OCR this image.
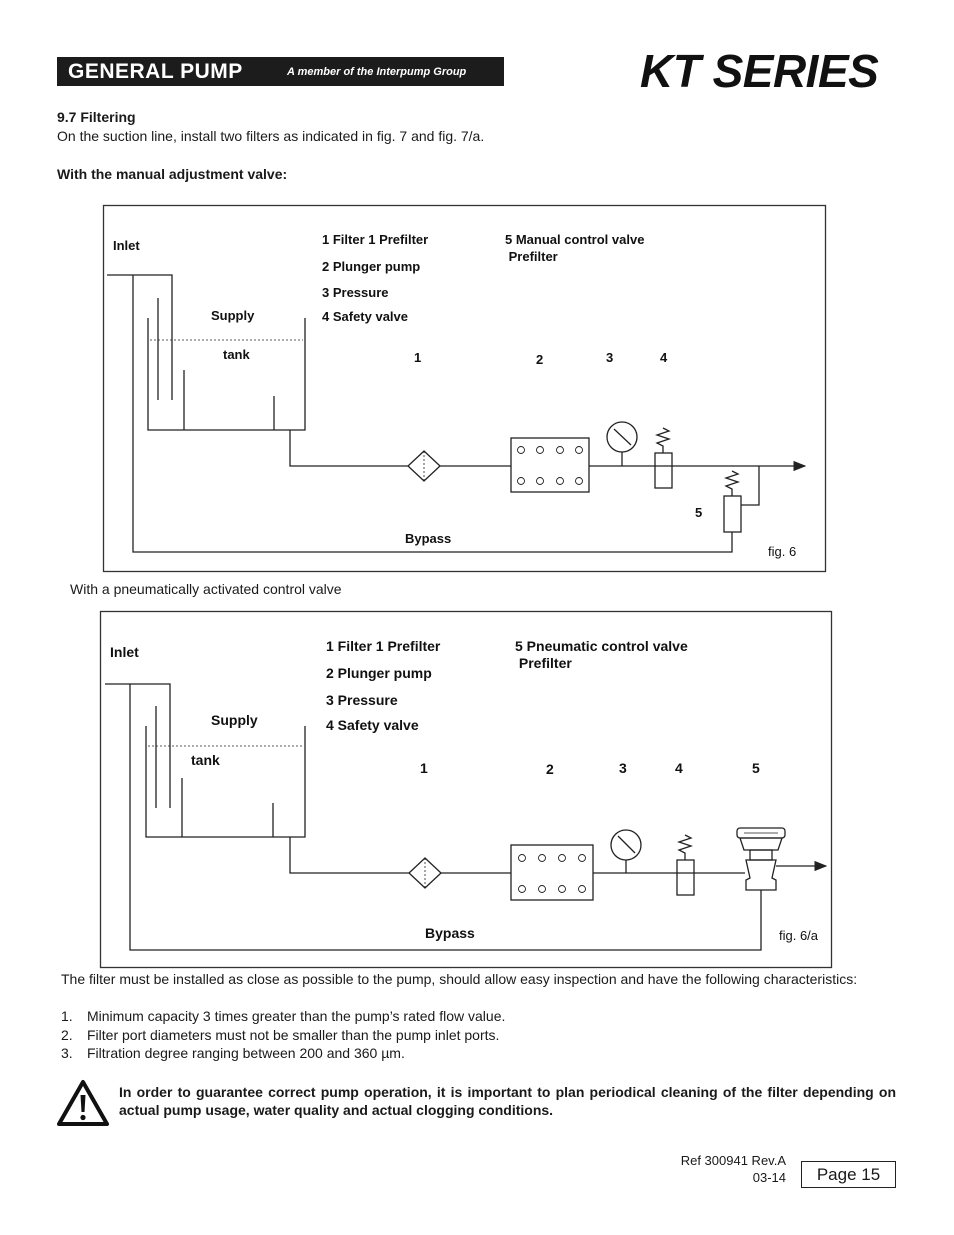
GENERAL PUMP	A member of the Interpump Group	KT SERIES
9.7 Filtering
On the suction line, install two filters as indicated in fig. 7 and fig. 7/a.
With the manual adjustment valve:
With a pneumatically activated control valve
Inlet
Supply
tank
1 Filter 1 Prefilter
2 Plunger pump
3 Pressure
4 Safety valve
5 Manual control valve
Prefilter
1	2	3	4
5
Bypass
fig. 6
Inlet
Supply
tank
1 Filter 1 Prefilter
2 Plunger pump
3 Pressure
4 Safety valve
5 Pneumatic control valve
Prefilter
1	2	3	4	5
Bypass	fig. 6/a
The filter must be installed as close as possible to the pump, should allow easy inspection and have the following characteristics:
1.	Minimum capacity 3 times greater than the pump’s rated flow value.
2.	Filter port diameters must not be smaller than the pump inlet ports.
3.	Filtration degree ranging between 200 and 360 µm.
In order to guarantee correct pump operation, it is important to plan periodical cleaning of the filter depending on actual pump usage, water quality and actual clogging conditions.
Ref 300941 Rev.A
03-14	Page 15
